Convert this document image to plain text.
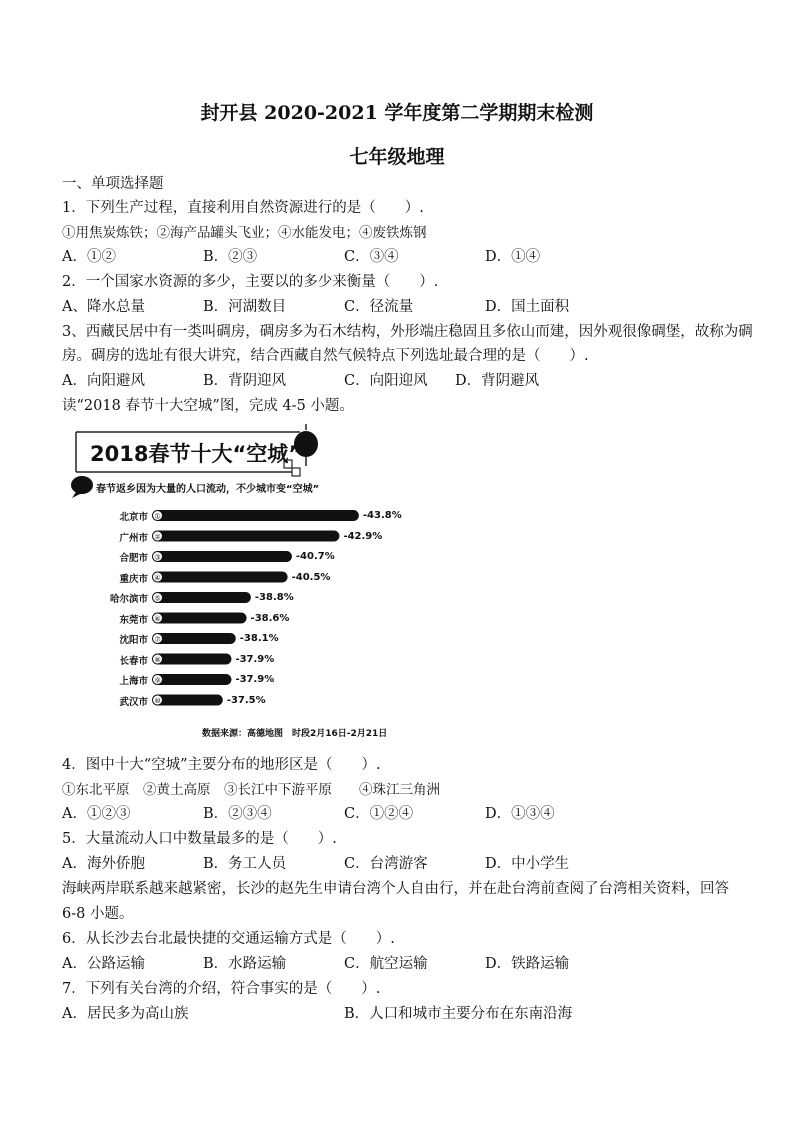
封开县 2020-2021 学年度第二学期期末检测
七年级地理
一、单项选择题
1．下列生产过程，直接利用自然资源进行的是（　　）.
①用焦炭炼铁；②海产品罐头飞业；④水能发电；④废铁炼钢
A．①②	B．②③	C．③④	D．①④
2．一个国家水资源的多少，主要以的多少来衡量（　　）.
A、降水总量	B．河湖数目	C．径流量	D．国土面积
3、西藏民居中有一类叫碉房，碉房多为石木结构，外形端庄稳固且多依山而建，因外观很像碉堡，故称为碉
房。碉房的选址有很大讲究，结合西藏自然气候特点下列选址最合理的是（　　）.
A．向阳避风	B．背阴迎风	C．向阳迎风 D．背阴避风
读“2018 春节十大空城”图，完成 4-5 小题。
①
②
③
④
⑤
⑥
⑦
⑧
⑨
⑩
2018春节十大“空城”
春节返乡因为大量的人口流动，不少城市变“空城”
北京市	-43.8%
广州市	-42.9%
合肥市	-40.7%
重庆市	-40.5%
哈尔滨市	-38.8%
东莞市	-38.6%
沈阳市	-38.1%
长春市	-37.9%
上海市	-37.9%
武汉市	-37.5%
数据来源：高德地图　时段2月16日-2月21日
4．图中十大“空城”主要分布的地形区是（　　）.
①东北平原　②黄土高原　③长江中下游平原　　④珠江三角洲
A．①②③	B．②③④	C．①②④	D．①③④
5．大量流动人口中数量最多的是（　　）.
A．海外侨胞	B．务工人员	C．台湾游客	D．中小学生
海峡两岸联系越来越紧密，长沙的赵先生申请台湾个人自由行，并在赴台湾前查阅了台湾相关资料，回答
6-8 小题。
6．从长沙去台北最快捷的交通运输方式是（　　）.
A．公路运输	B．水路运输	C．航空运输	D．铁路运输
7．下列有关台湾的介绍，符合事实的是（　　）.
A．居民多为高山族	B．人口和城市主要分布在东南沿海
